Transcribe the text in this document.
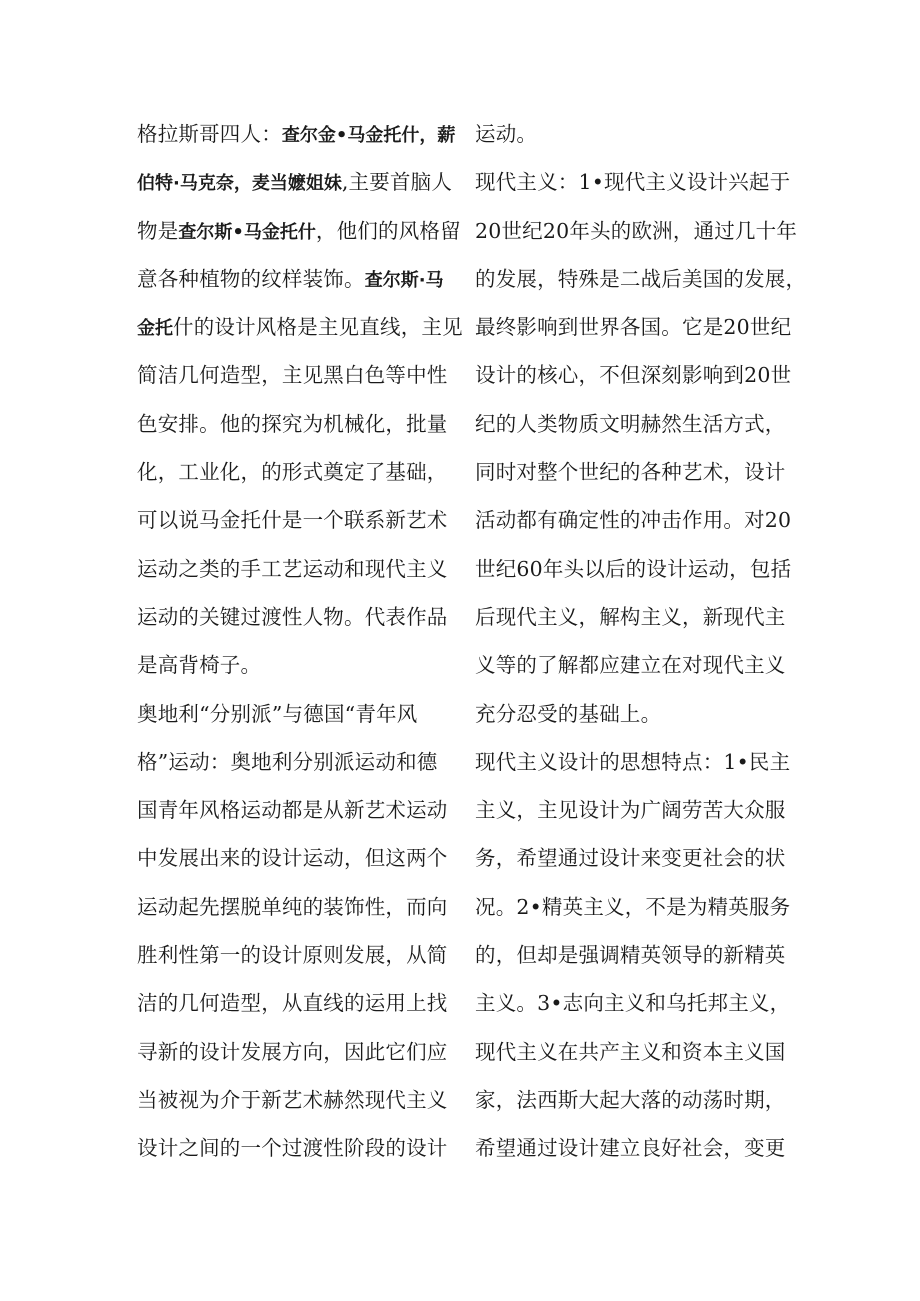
格拉斯哥四人：查尔金•马金托什，薪
伯特·马克奈，麦当嬷姐妹,主要首脑人
物是查尔斯•马金托什，他们的风格留
意各种植物的纹样装饰。查尔斯·马
金托什的设计风格是主见直线，主见
简洁几何造型，主见黑白色等中性
色安排。他的探究为机械化，批量
化，工业化，的形式奠定了基础，
可以说马金托什是一个联系新艺术
运动之类的手工艺运动和现代主义
运动的关键过渡性人物。代表作品
是高背椅子。
奥地利“分别派”与德国“青年风
格”运动：奥地利分别派运动和德
国青年风格运动都是从新艺术运动
中发展出来的设计运动，但这两个
运动起先摆脱单纯的装饰性，而向
胜利性第一的设计原则发展，从简
洁的几何造型，从直线的运用上找
寻新的设计发展方向，因此它们应
当被视为介于新艺术赫然现代主义
设计之间的一个过渡性阶段的设计
运动。
现代主义：1•现代主义设计兴起于
20世纪20年头的欧洲，通过几十年
的发展，特殊是二战后美国的发展，
最终影响到世界各国。它是20世纪
设计的核心，不但深刻影响到20世
纪的人类物质文明赫然生活方式，
同时对整个世纪的各种艺术，设计
活动都有确定性的冲击作用。对20
世纪60年头以后的设计运动，包括
后现代主义，解构主义，新现代主
义等的了解都应建立在对现代主义
充分忍受的基础上。
现代主义设计的思想特点：1•民主
主义，主见设计为广阔劳苦大众服
务，希望通过设计来变更社会的状
况。2•精英主义，不是为精英服务
的，但却是强调精英领导的新精英
主义。3•志向主义和乌托邦主义，
现代主义在共产主义和资本主义国
家，法西斯大起大落的动荡时期，
希望通过设计建立良好社会，变更
